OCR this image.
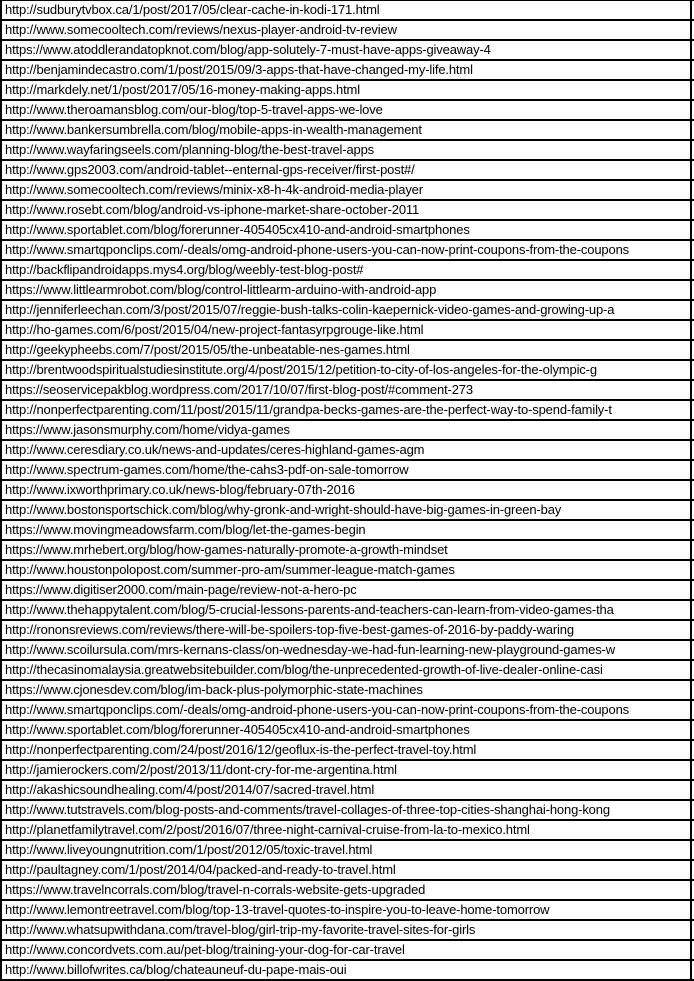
http://sudburytvbox.ca/1/post/2017/05/clear-cache-in-kodi-171.html
http://www.somecooltech.com/reviews/nexus-player-android-tv-review
https://www.atoddlerandatopknot.com/blog/app-solutely-7-must-have-apps-giveaway-4
http://benjamindecastro.com/1/post/2015/09/3-apps-that-have-changed-my-life.html
http://markdely.net/1/post/2017/05/16-money-making-apps.html
http://www.theroamansblog.com/our-blog/top-5-travel-apps-we-love
http://www.bankersumbrella.com/blog/mobile-apps-in-wealth-management
http://www.wayfaringseels.com/planning-blog/the-best-travel-apps
http://www.gps2003.com/android-tablet--enternal-gps-receiver/first-post#/
http://www.somecooltech.com/reviews/minix-x8-h-4k-android-media-player
http://www.rosebt.com/blog/android-vs-iphone-market-share-october-2011
http://www.sportablet.com/blog/forerunner-405405cx410-and-android-smartphones
http://www.smartqponclips.com/-deals/omg-android-phone-users-you-can-now-print-coupons-from-the-coupons
http://backflipandroidapps.mys4.org/blog/weebly-test-blog-post#
https://www.littlearmrobot.com/blog/control-littlearm-arduino-with-android-app
http://jenniferleechan.com/3/post/2015/07/reggie-bush-talks-colin-kaepernick-video-games-and-growing-up-a
http://ho-games.com/6/post/2015/04/new-project-fantasyrpgrouge-like.html
http://geekypheebs.com/7/post/2015/05/the-unbeatable-nes-games.html
http://brentwoodspiritualstudiesinstitute.org/4/post/2015/12/petition-to-city-of-los-angeles-for-the-olympic-g
https://seoservicepakblog.wordpress.com/2017/10/07/first-blog-post/#comment-273
http://nonperfectparenting.com/11/post/2015/11/grandpa-becks-games-are-the-perfect-way-to-spend-family-t
https://www.jasonsmurphy.com/home/vidya-games
http://www.ceresdiary.co.uk/news-and-updates/ceres-highland-games-agm
http://www.spectrum-games.com/home/the-cahs3-pdf-on-sale-tomorrow
http://www.ixworthprimary.co.uk/news-blog/february-07th-2016
http://www.bostonsportschick.com/blog/why-gronk-and-wright-should-have-big-games-in-green-bay
https://www.movingmeadowsfarm.com/blog/let-the-games-begin
https://www.mrhebert.org/blog/how-games-naturally-promote-a-growth-mindset
http://www.houstonpolopost.com/summer-pro-am/summer-league-match-games
https://www.digitiser2000.com/main-page/review-not-a-hero-pc
http://www.thehappytalent.com/blog/5-crucial-lessons-parents-and-teachers-can-learn-from-video-games-tha
http://rononsreviews.com/reviews/there-will-be-spoilers-top-five-best-games-of-2016-by-paddy-waring
http://www.scoilursula.com/mrs-kernans-class/on-wednesday-we-had-fun-learning-new-playground-games-w
http://thecasinomalaysia.greatwebsitebuilder.com/blog/the-unprecedented-growth-of-live-dealer-online-casi
https://www.cjonesdev.com/blog/im-back-plus-polymorphic-state-machines
http://www.smartqponclips.com/-deals/omg-android-phone-users-you-can-now-print-coupons-from-the-coupons
http://www.sportablet.com/blog/forerunner-405405cx410-and-android-smartphones
http://nonperfectparenting.com/24/post/2016/12/geoflux-is-the-perfect-travel-toy.html
http://jamierockers.com/2/post/2013/11/dont-cry-for-me-argentina.html
http://akashicsoundhealing.com/4/post/2014/07/sacred-travel.html
http://www.tutstravels.com/blog-posts-and-comments/travel-collages-of-three-top-cities-shanghai-hong-kong
http://planetfamilytravel.com/2/post/2016/07/three-night-carnival-cruise-from-la-to-mexico.html
http://www.liveyoungnutrition.com/1/post/2012/05/toxic-travel.html
http://paultagney.com/1/post/2014/04/packed-and-ready-to-travel.html
https://www.travelncorrals.com/blog/travel-n-corrals-website-gets-upgraded
http://www.lemontreetravel.com/blog/top-13-travel-quotes-to-inspire-you-to-leave-home-tomorrow
http://www.whatsupwithdana.com/travel-blog/girl-trip-my-favorite-travel-sites-for-girls
http://www.concordvets.com.au/pet-blog/training-your-dog-for-car-travel
http://www.billofwrites.ca/blog/chateauneuf-du-pape-mais-oui
